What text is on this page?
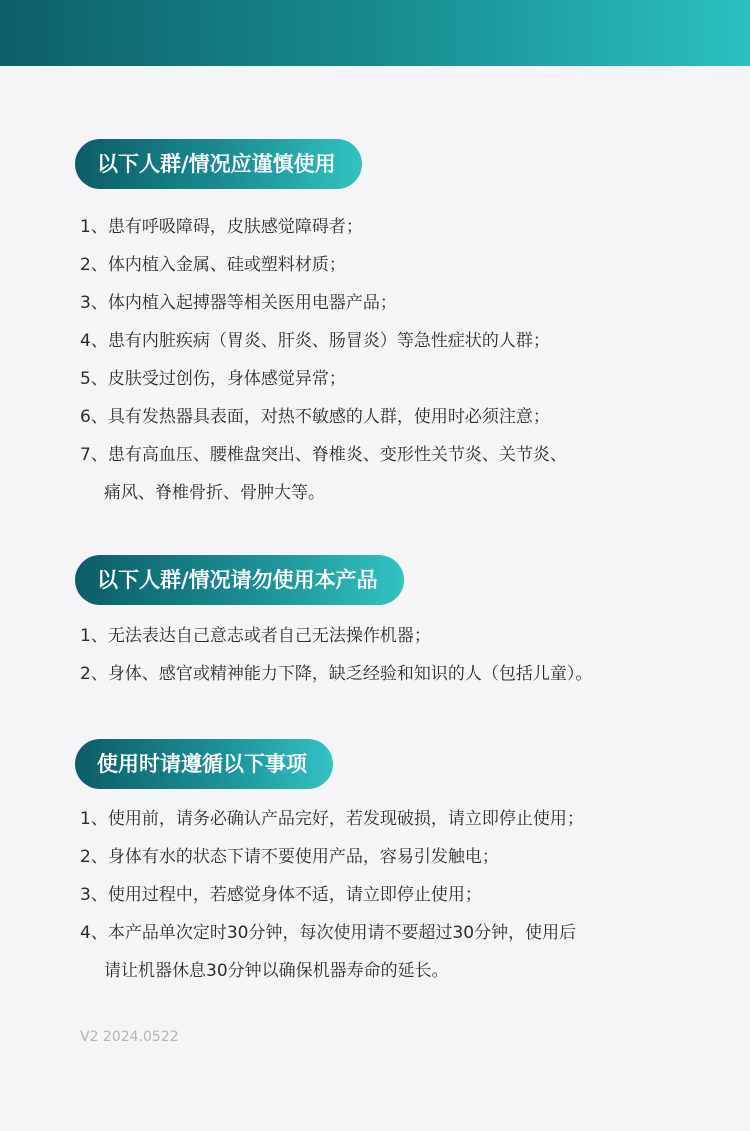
以下人群/情况应谨慎使用
1、患有呼吸障碍，皮肤感觉障碍者；
2、体内植入金属、硅或塑料材质；
3、体内植入起搏器等相关医用电器产品；
4、患有内脏疾病（胃炎、肝炎、肠冒炎）等急性症状的人群；
5、皮肤受过创伤，身体感觉异常；
6、具有发热器具表面，对热不敏感的人群，使用时必须注意；
7、患有高血压、腰椎盘突出、脊椎炎、变形性关节炎、关节炎、
痛风、脊椎骨折、骨肿大等。
以下人群/情况请勿使用本产品
1、无法表达自己意志或者自己无法操作机器；
2、身体、感官或精神能力下降，缺乏经验和知识的人（包括儿童）。
使用时请遵循以下事项
1、使用前，请务必确认产品完好，若发现破损，请立即停止使用；
2、身体有水的状态下请不要使用产品，容易引发触电；
3、使用过程中，若感觉身体不适，请立即停止使用；
4、本产品单次定时30分钟，每次使用请不要超过30分钟，使用后
请让机器休息30分钟以确保机器寿命的延长。
V2 2024.0522
